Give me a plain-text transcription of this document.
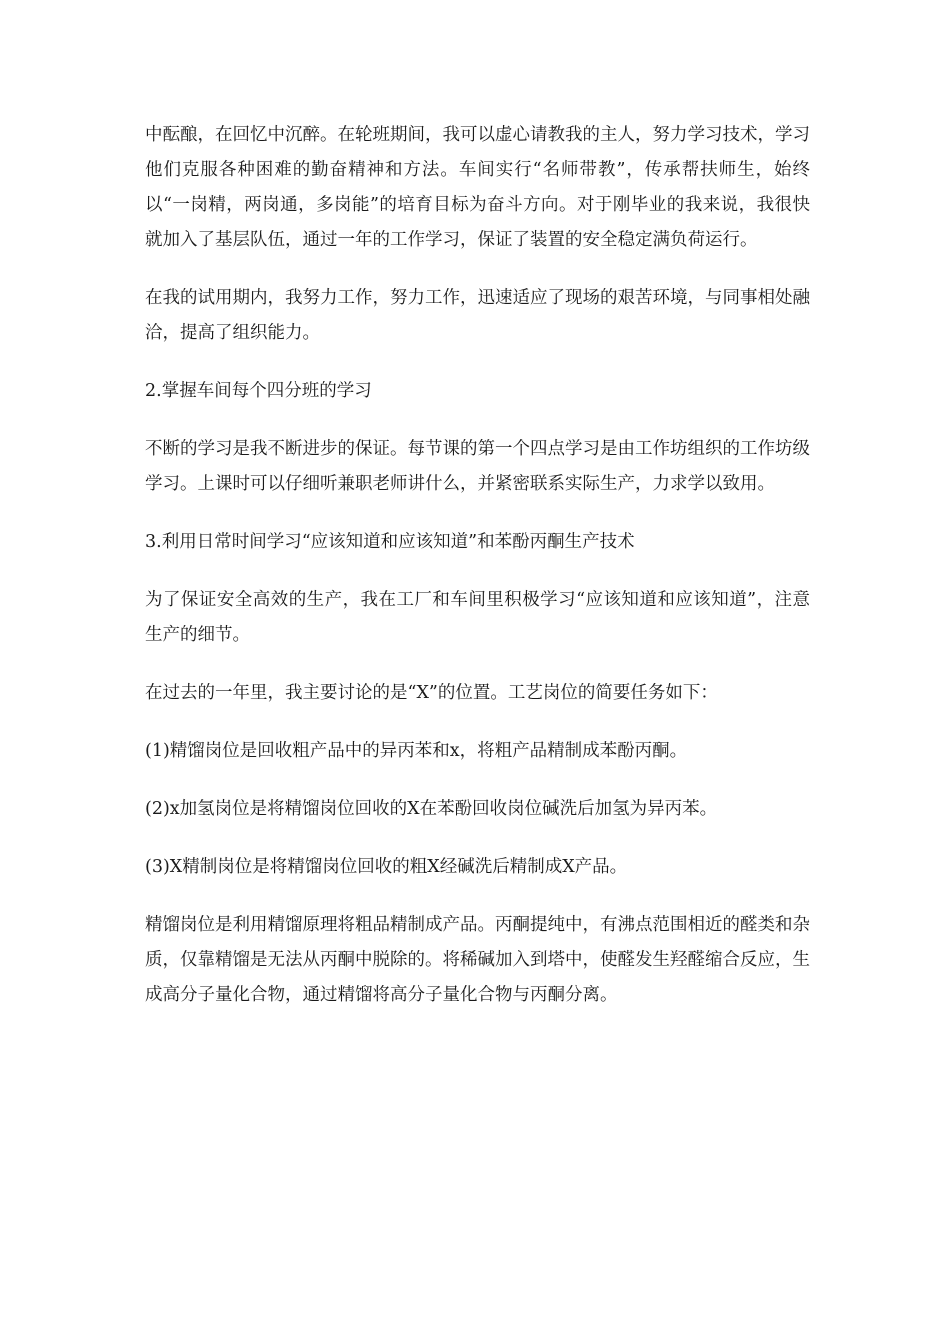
中酝酿，在回忆中沉醉。在轮班期间，我可以虚心请教我的主人，努力学习技术，学习他们克服各种困难的勤奋精神和方法。车间实行“名师带教”，传承帮扶师生，始终以“一岗精，两岗通，多岗能”的培育目标为奋斗方向。对于刚毕业的我来说，我很快就加入了基层队伍，通过一年的工作学习，保证了装置的安全稳定满负荷运行。

在我的试用期内，我努力工作，努力工作，迅速适应了现场的艰苦环境，与同事相处融洽，提高了组织能力。

2.掌握车间每个四分班的学习

不断的学习是我不断进步的保证。每节课的第一个四点学习是由工作坊组织的工作坊级学习。上课时可以仔细听兼职老师讲什么，并紧密联系实际生产，力求学以致用。

3.利用日常时间学习“应该知道和应该知道”和苯酚丙酮生产技术

为了保证安全高效的生产，我在工厂和车间里积极学习“应该知道和应该知道”，注意生产的细节。

在过去的一年里，我主要讨论的是“X”的位置。工艺岗位的简要任务如下：

(1)精馏岗位是回收粗产品中的异丙苯和x，将粗产品精制成苯酚丙酮。

(2)x加氢岗位是将精馏岗位回收的X在苯酚回收岗位碱洗后加氢为异丙苯。

(3)X精制岗位是将精馏岗位回收的粗X经碱洗后精制成X产品。

精馏岗位是利用精馏原理将粗品精制成产品。丙酮提纯中，有沸点范围相近的醛类和杂质，仅靠精馏是无法从丙酮中脱除的。将稀碱加入到塔中，使醛发生羟醛缩合反应，生成高分子量化合物，通过精馏将高分子量化合物与丙酮分离。
